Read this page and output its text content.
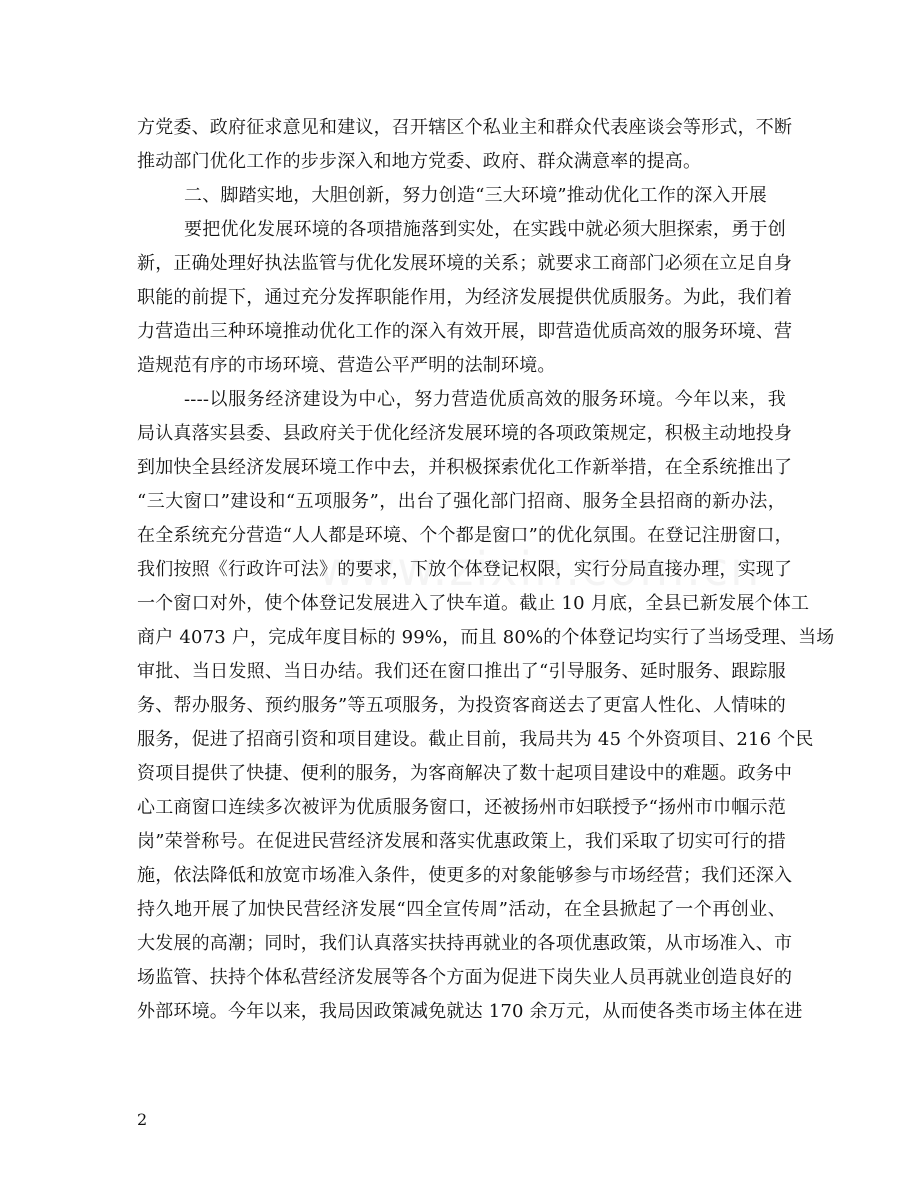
方党委、政府征求意见和建议，召开辖区个私业主和群众代表座谈会等形式，不断
推动部门优化工作的步步深入和地方党委、政府、群众满意率的提高。
二、脚踏实地，大胆创新，努力创造“三大环境”推动优化工作的深入开展
要把优化发展环境的各项措施落到实处，在实践中就必须大胆探索，勇于创
新，正确处理好执法监管与优化发展环境的关系；就要求工商部门必须在立足自身
职能的前提下，通过充分发挥职能作用，为经济发展提供优质服务。为此，我们着
力营造出三种环境推动优化工作的深入有效开展，即营造优质高效的服务环境、营
造规范有序的市场环境、营造公平严明的法制环境。
----以服务经济建设为中心，努力营造优质高效的服务环境。今年以来，我
局认真落实县委、县政府关于优化经济发展环境的各项政策规定，积极主动地投身
到加快全县经济发展环境工作中去，并积极探索优化工作新举措，在全系统推出了
“三大窗口”建设和“五项服务”，出台了强化部门招商、服务全县招商的新办法，
在全系统充分营造“人人都是环境、个个都是窗口”的优化氛围。在登记注册窗口，
我们按照《行政许可法》的要求，下放个体登记权限，实行分局直接办理，实现了
一个窗口对外，使个体登记发展进入了快车道。截止 10 月底，全县已新发展个体工
商户 4073 户，完成年度目标的 99%，而且 80%的个体登记均实行了当场受理、当场
审批、当日发照、当日办结。我们还在窗口推出了“引导服务、延时服务、跟踪服
务、帮办服务、预约服务”等五项服务，为投资客商送去了更富人性化、人情味的
服务，促进了招商引资和项目建设。截止目前，我局共为 45 个外资项目、216 个民
资项目提供了快捷、便利的服务，为客商解决了数十起项目建设中的难题。政务中
心工商窗口连续多次被评为优质服务窗口，还被扬州市妇联授予“扬州市巾帼示范
岗”荣誉称号。在促进民营经济发展和落实优惠政策上，我们采取了切实可行的措
施，依法降低和放宽市场准入条件，使更多的对象能够参与市场经营；我们还深入
持久地开展了加快民营经济发展“四全宣传周”活动，在全县掀起了一个再创业、
大发展的高潮；同时，我们认真落实扶持再就业的各项优惠政策，从市场准入、市
场监管、扶持个体私营经济发展等各个方面为促进下岗失业人员再就业创造良好的
外部环境。今年以来，我局因政策减免就达 170 余万元，从而使各类市场主体在进
2
